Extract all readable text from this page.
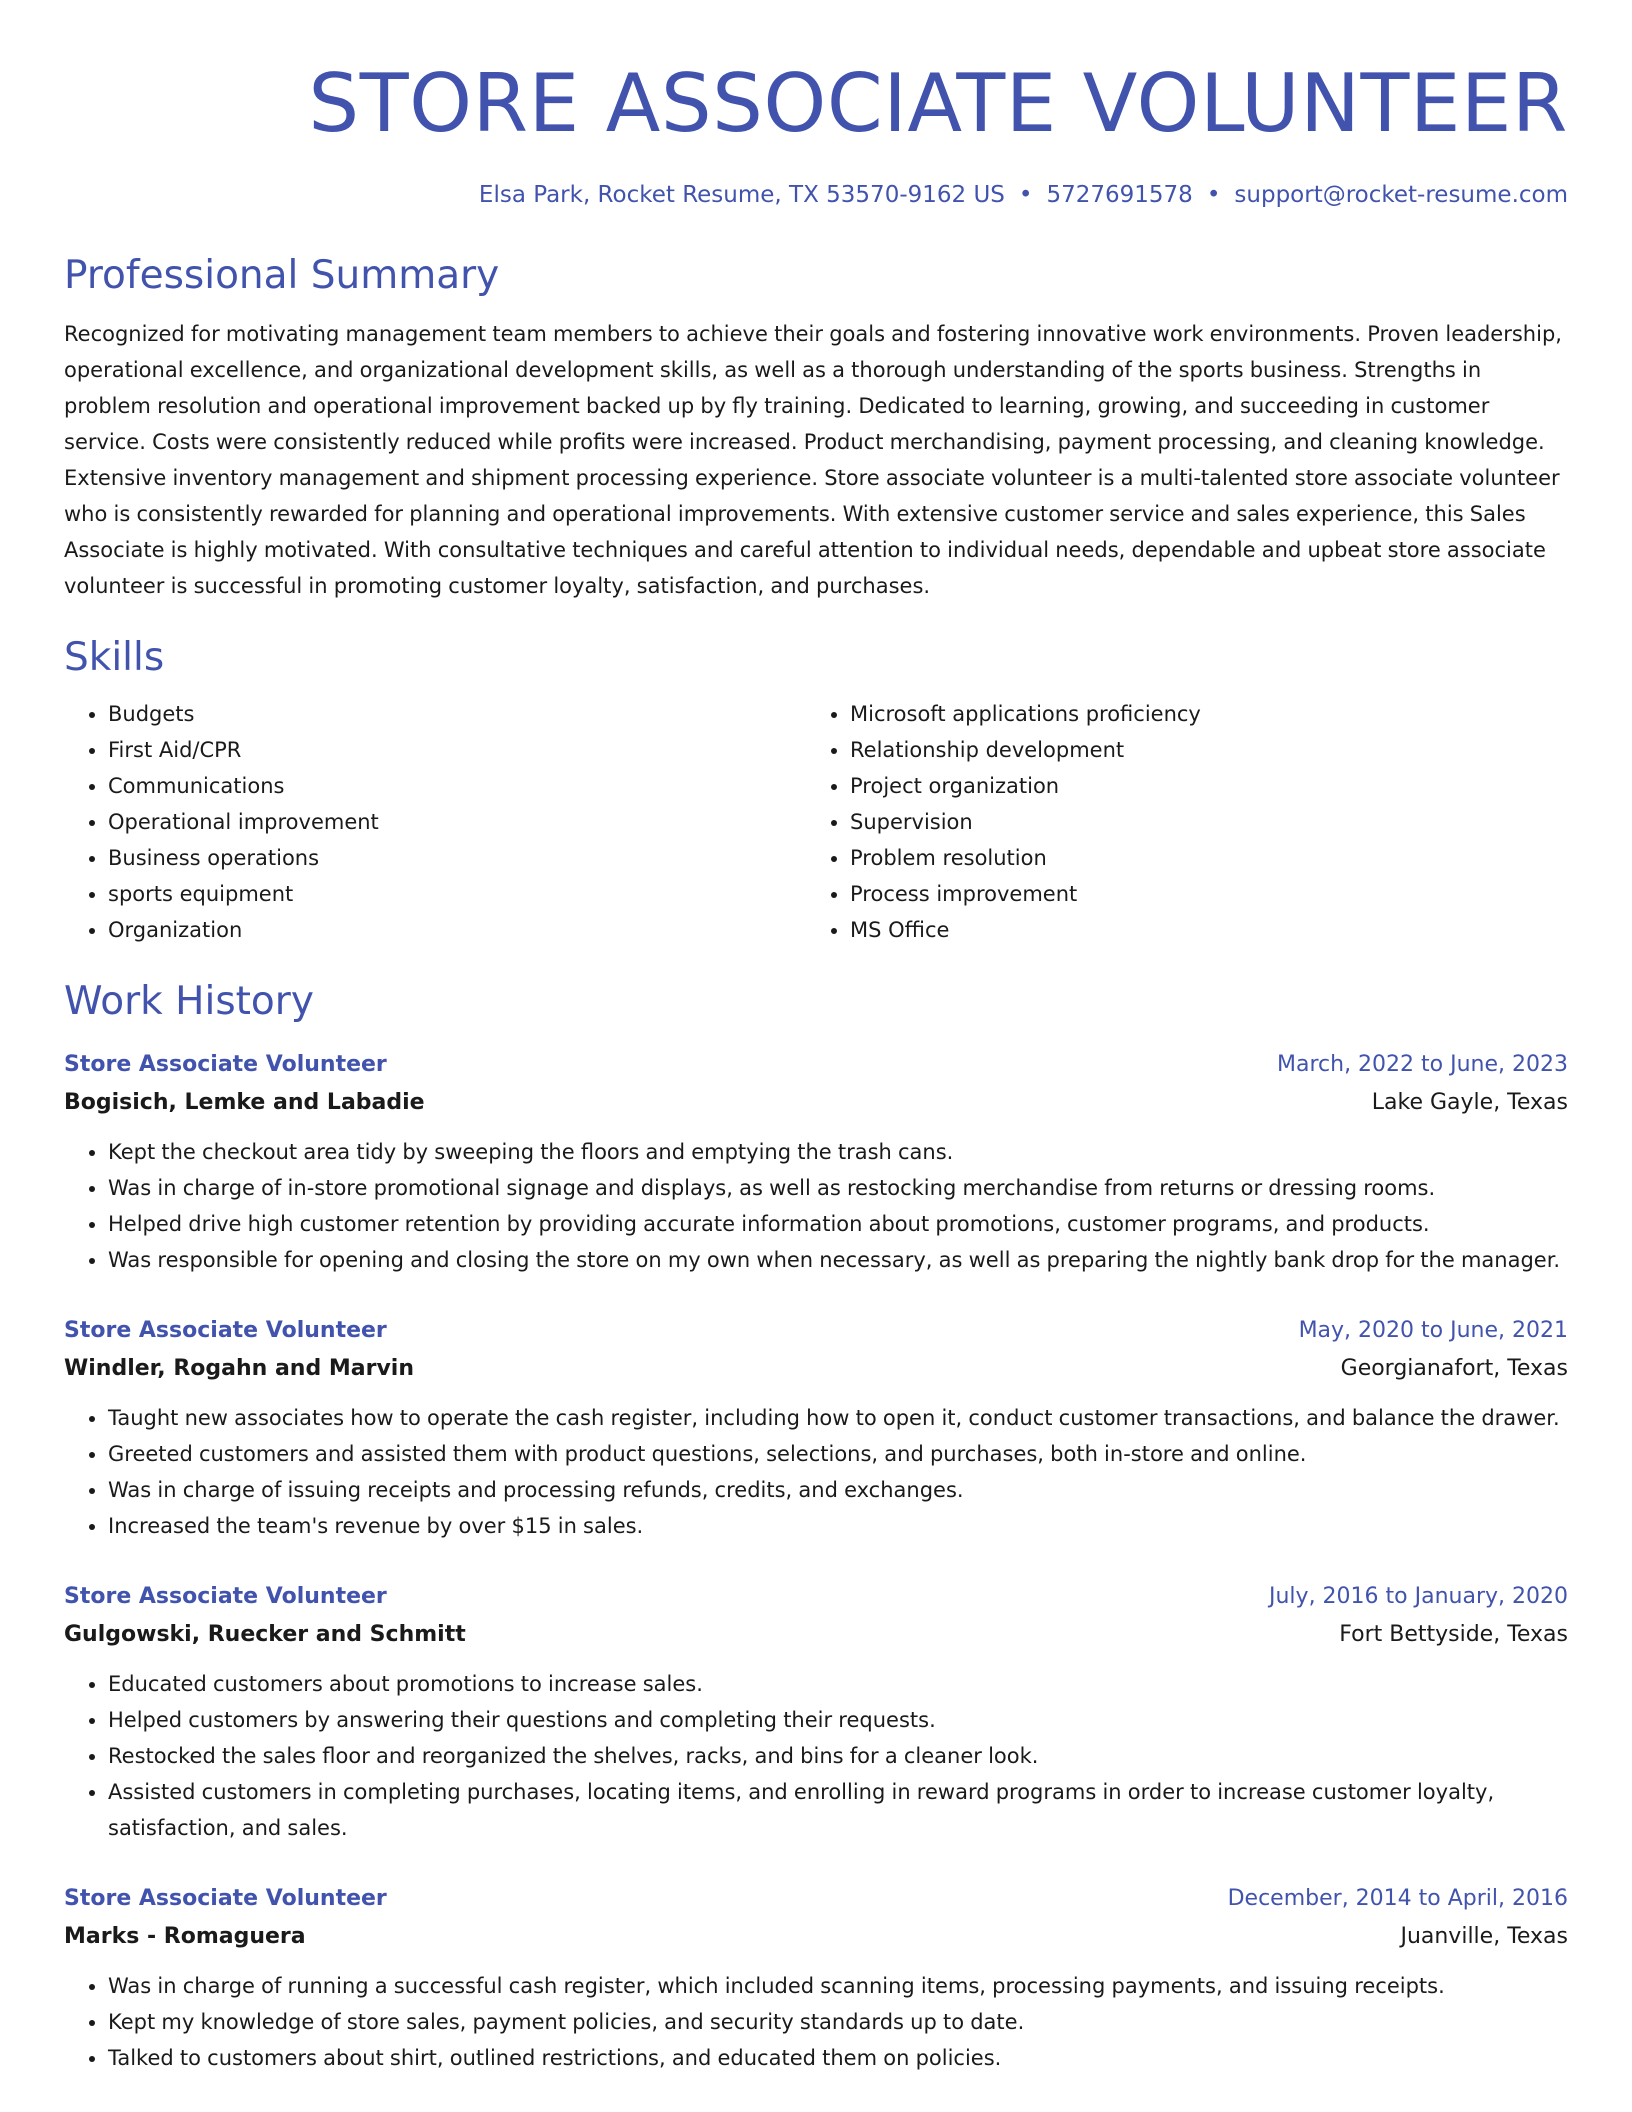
STORE ASSOCIATE VOLUNTEER
Elsa Park, Rocket Resume, TX 53570-9162 US • 5727691578 • support@rocket-resume.com
Professional Summary

Recognized for motivating management team members to achieve their goals and fostering innovative work environments. Proven leadership, operational excellence, and organizational development skills, as well as a thorough understanding of the sports business. Strengths in problem resolution and operational improvement backed up by fly training. Dedicated to learning, growing, and succeeding in customer service. Costs were consistently reduced while profits were increased. Product merchandising, payment processing, and cleaning knowledge. Extensive inventory management and shipment processing experience. Store associate volunteer is a multi-talented store associate volunteer who is consistently rewarded for planning and operational improvements. With extensive customer service and sales experience, this Sales Associate is highly motivated. With consultative techniques and careful attention to individual needs, dependable and upbeat store associate volunteer is successful in promoting customer loyalty, satisfaction, and purchases.

Skills
• Budgets
• First Aid/CPR
• Communications
• Operational improvement
• Business operations
• sports equipment
• Organization
• Microsoft applications proficiency
• Relationship development
• Project organization
• Supervision
• Problem resolution
• Process improvement
• MS Office
Work History
Store Associate Volunteer	March, 2022 to June, 2023
Bogisich, Lemke and Labadie	Lake Gayle, Texas
• Kept the checkout area tidy by sweeping the floors and emptying the trash cans.
• Was in charge of in-store promotional signage and displays, as well as restocking merchandise from returns or dressing rooms.
• Helped drive high customer retention by providing accurate information about promotions, customer programs, and products.
• Was responsible for opening and closing the store on my own when necessary, as well as preparing the nightly bank drop for the manager.
Store Associate Volunteer	May, 2020 to June, 2021
Windler, Rogahn and Marvin	Georgianafort, Texas
• Taught new associates how to operate the cash register, including how to open it, conduct customer transactions, and balance the drawer.
• Greeted customers and assisted them with product questions, selections, and purchases, both in-store and online.
• Was in charge of issuing receipts and processing refunds, credits, and exchanges.
• Increased the team's revenue by over $15 in sales.
Store Associate Volunteer	July, 2016 to January, 2020
Gulgowski, Ruecker and Schmitt	Fort Bettyside, Texas
• Educated customers about promotions to increase sales.
• Helped customers by answering their questions and completing their requests.
• Restocked the sales floor and reorganized the shelves, racks, and bins for a cleaner look.
• Assisted customers in completing purchases, locating items, and enrolling in reward programs in order to increase customer loyalty, satisfaction, and sales.
Store Associate Volunteer	December, 2014 to April, 2016
Marks - Romaguera	Juanville, Texas
• Was in charge of running a successful cash register, which included scanning items, processing payments, and issuing receipts.
• Kept my knowledge of store sales, payment policies, and security standards up to date.
• Talked to customers about shirt, outlined restrictions, and educated them on policies.
